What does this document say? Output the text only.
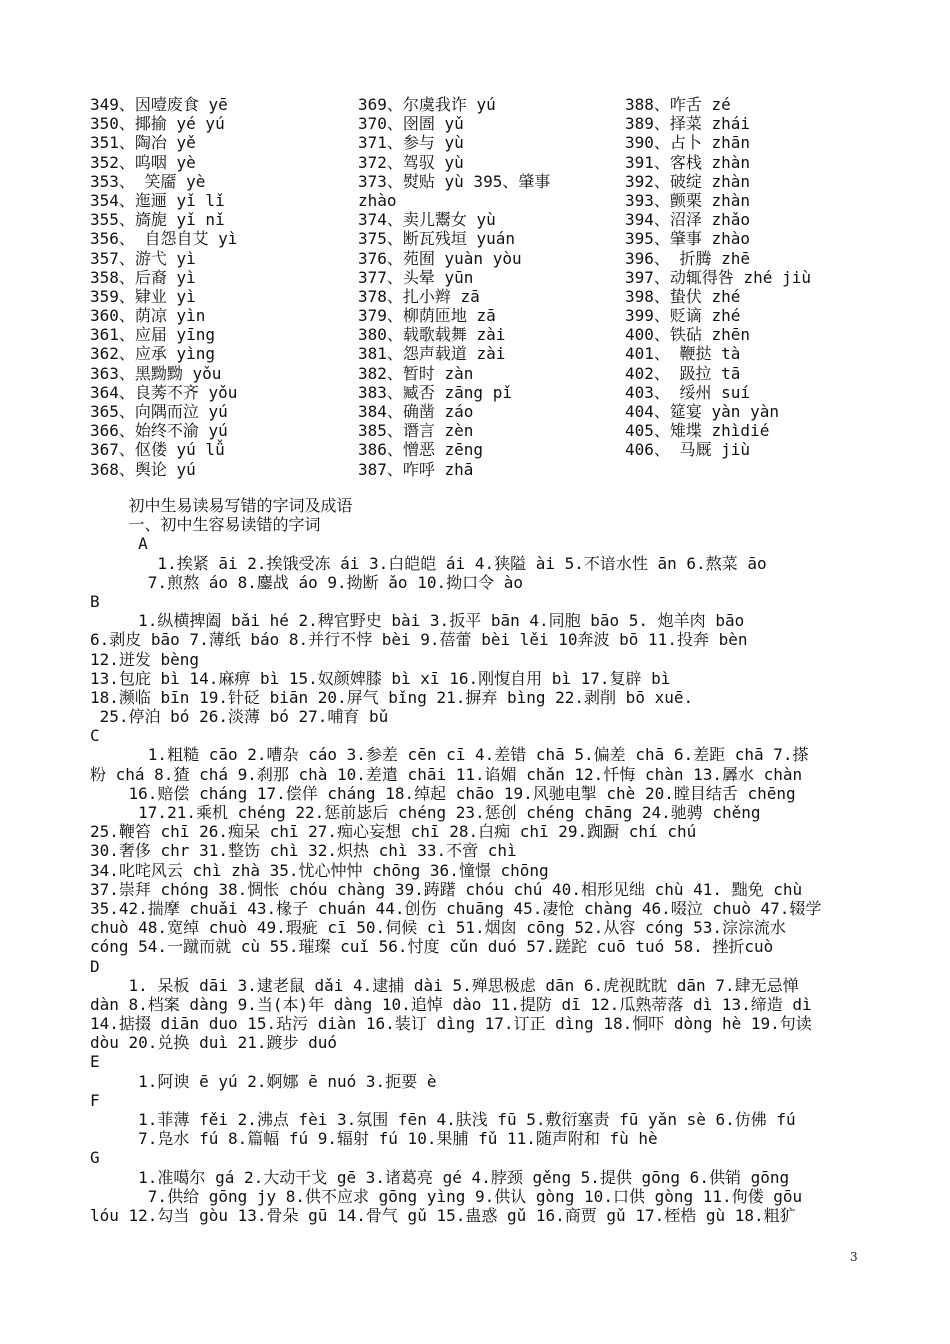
349、因噎废食 yē
350、揶揄 yé yú
351、陶冶 yě
352、呜咽 yè
353、 笑靥 yè
354、迤逦 yǐ lǐ
355、旖旎 yǐ nǐ
356、 自怨自艾 yì
357、游弋 yì
358、后裔 yì
359、肄业 yì
360、荫凉 yìn
361、应届 yīng
362、应承 yìng
363、黑黝黝 yǒu
364、良莠不齐 yǒu
365、向隅而泣 yú
366、始终不渝 yú
367、伛偻 yú lǚ
368、舆论 yú
369、尔虞我诈 yú
370、囹圄 yǔ
371、参与 yù
372、驾驭 yù
373、熨贴 yù 395、肇事
zhào
374、卖儿鬻女 yù
375、断瓦残垣 yuán
376、苑囿 yuàn yòu
377、头晕 yūn
378、扎小辫 zā
379、柳荫匝地 zā
380、载歌载舞 zài
381、怨声载道 zài
382、暂时 zàn
383、臧否 zāng pǐ
384、确凿 záo
385、谮言 zèn
386、憎恶 zēng
387、咋呼 zhā
388、咋舌 zé
389、择菜 zhái
390、占卜 zhān
391、客栈 zhàn
392、破绽 zhàn
393、颤栗 zhàn
394、沼泽 zhǎo
395、肇事 zhào
396、 折腾 zhē
397、动辄得咎 zhé jiù
398、蛰伏 zhé
399、贬谪 zhé
400、铁砧 zhēn
401、 鞭挞 tà
402、 趿拉 tā
403、 绥州 suí
404、筵宴 yàn yàn
405、雉堞 zhìdié
406、 马厩 jiù
初中生易读易写错的字词及成语
一、初中生容易读错的字词
A
1.挨紧 āi 2.挨饿受冻 ái 3.白皑皑 ái 4.狭隘 ài 5.不谙水性 ān 6.熬菜 āo
7.煎熬 áo 8.鏖战 áo 9.拗断 ǎo 10.拗口令 ào
B
1.纵横捭阖 bǎi hé 2.稗官野史 bài 3.扳平 bān 4.同胞 bāo 5. 炮羊肉 bāo
6.剥皮 bāo 7.薄纸 báo 8.并行不悖 bèi 9.蓓蕾 bèi lěi 10奔波 bō 11.投奔 bèn
12.迸发 bèng
13.包庇 bì 14.麻痹 bì 15.奴颜婢膝 bì xī 16.刚愎自用 bì 17.复辟 bì
18.濒临 bīn 19.针砭 biān 20.屏气 bǐng 21.摒弃 bìng 22.剥削 bō xuē.
25.停泊 bó 26.淡薄 bó 27.哺育 bǔ
C
1.粗糙 cāo 2.嘈杂 cáo 3.参差 cēn cī 4.差错 chā 5.偏差 chā 6.差距 chā 7.搽
粉 chá 8.猹 chá 9.刹那 chà 10.差遣 chāi 11.谄媚 chǎn 12.忏悔 chàn 13.羼水 chàn
16.赔偿 cháng 17.偿佯 cháng 18.绰起 chāo 19.风驰电掣 chè 20.瞠目结舌 chēng
17.21.乘机 chéng 22.惩前毖后 chéng 23.惩创 chéng chāng 24.驰骋 chěng
25.鞭笞 chī 26.痴呆 chī 27.痴心妄想 chī 28.白痴 chī 29.踟蹰 chí chú
30.奢侈 chr 31.整饬 chì 32.炽热 chì 33.不啻 chì
34.叱咤风云 chì zhà 35.忧心忡忡 chōng 36.憧憬 chōng
37.崇拜 chóng 38.惆怅 chóu chàng 39.踌躇 chóu chú 40.相形见绌 chù 41. 黜免 chù
35.42.揣摩 chuǎi 43.椽子 chuán 44.创伤 chuāng 45.凄怆 chàng 46.啜泣 chuò 47.辍学
chuò 48.宽绰 chuò 49.瑕疵 cī 50.伺候 cì 51.烟囱 cōng 52.从容 cóng 53.淙淙流水
cóng 54.一蹴而就 cù 55.璀璨 cuǐ 56.忖度 cǔn duó 57.蹉跎 cuō tuó 58. 挫折cuò
D
1. 呆板 dāi 3.逮老鼠 dǎi 4.逮捕 dài 5.殚思极虑 dān 6.虎视眈眈 dān 7.肆无忌惮
dàn 8.档案 dàng 9.当(本)年 dàng 10.追悼 dào 11.提防 dī 12.瓜熟蒂落 dì 13.缔造 dì
14.掂掇 diān duo 15.玷污 diàn 16.装订 dìng 17.订正 dìng 18.恫吓 dòng hè 19.句读
dòu 20.兑换 duì 21.踱步 duó
E
1.阿谀 ē yú 2.婀娜 ē nuó 3.扼要 è
F
1.菲薄 fěi 2.沸点 fèi 3.氛围 fēn 4.肤浅 fū 5.敷衍塞责 fū yǎn sè 6.仿佛 fú
7.凫水 fú 8.篇幅 fú 9.辐射 fú 10.果脯 fǔ 11.随声附和 fù hè
G
1.准噶尔 gá 2.大动干戈 gē 3.诸葛亮 gé 4.脖颈 gěng 5.提供 gōng 6.供销 gōng
7.供给 gōng jy 8.供不应求 gōng yìng 9.供认 gòng 10.口供 gòng 11.佝偻 gōu
lóu 12.勾当 gòu 13.骨朵 gū 14.骨气 gǔ 15.蛊惑 gǔ 16.商贾 gǔ 17.桎梏 gù 18.粗犷
3
